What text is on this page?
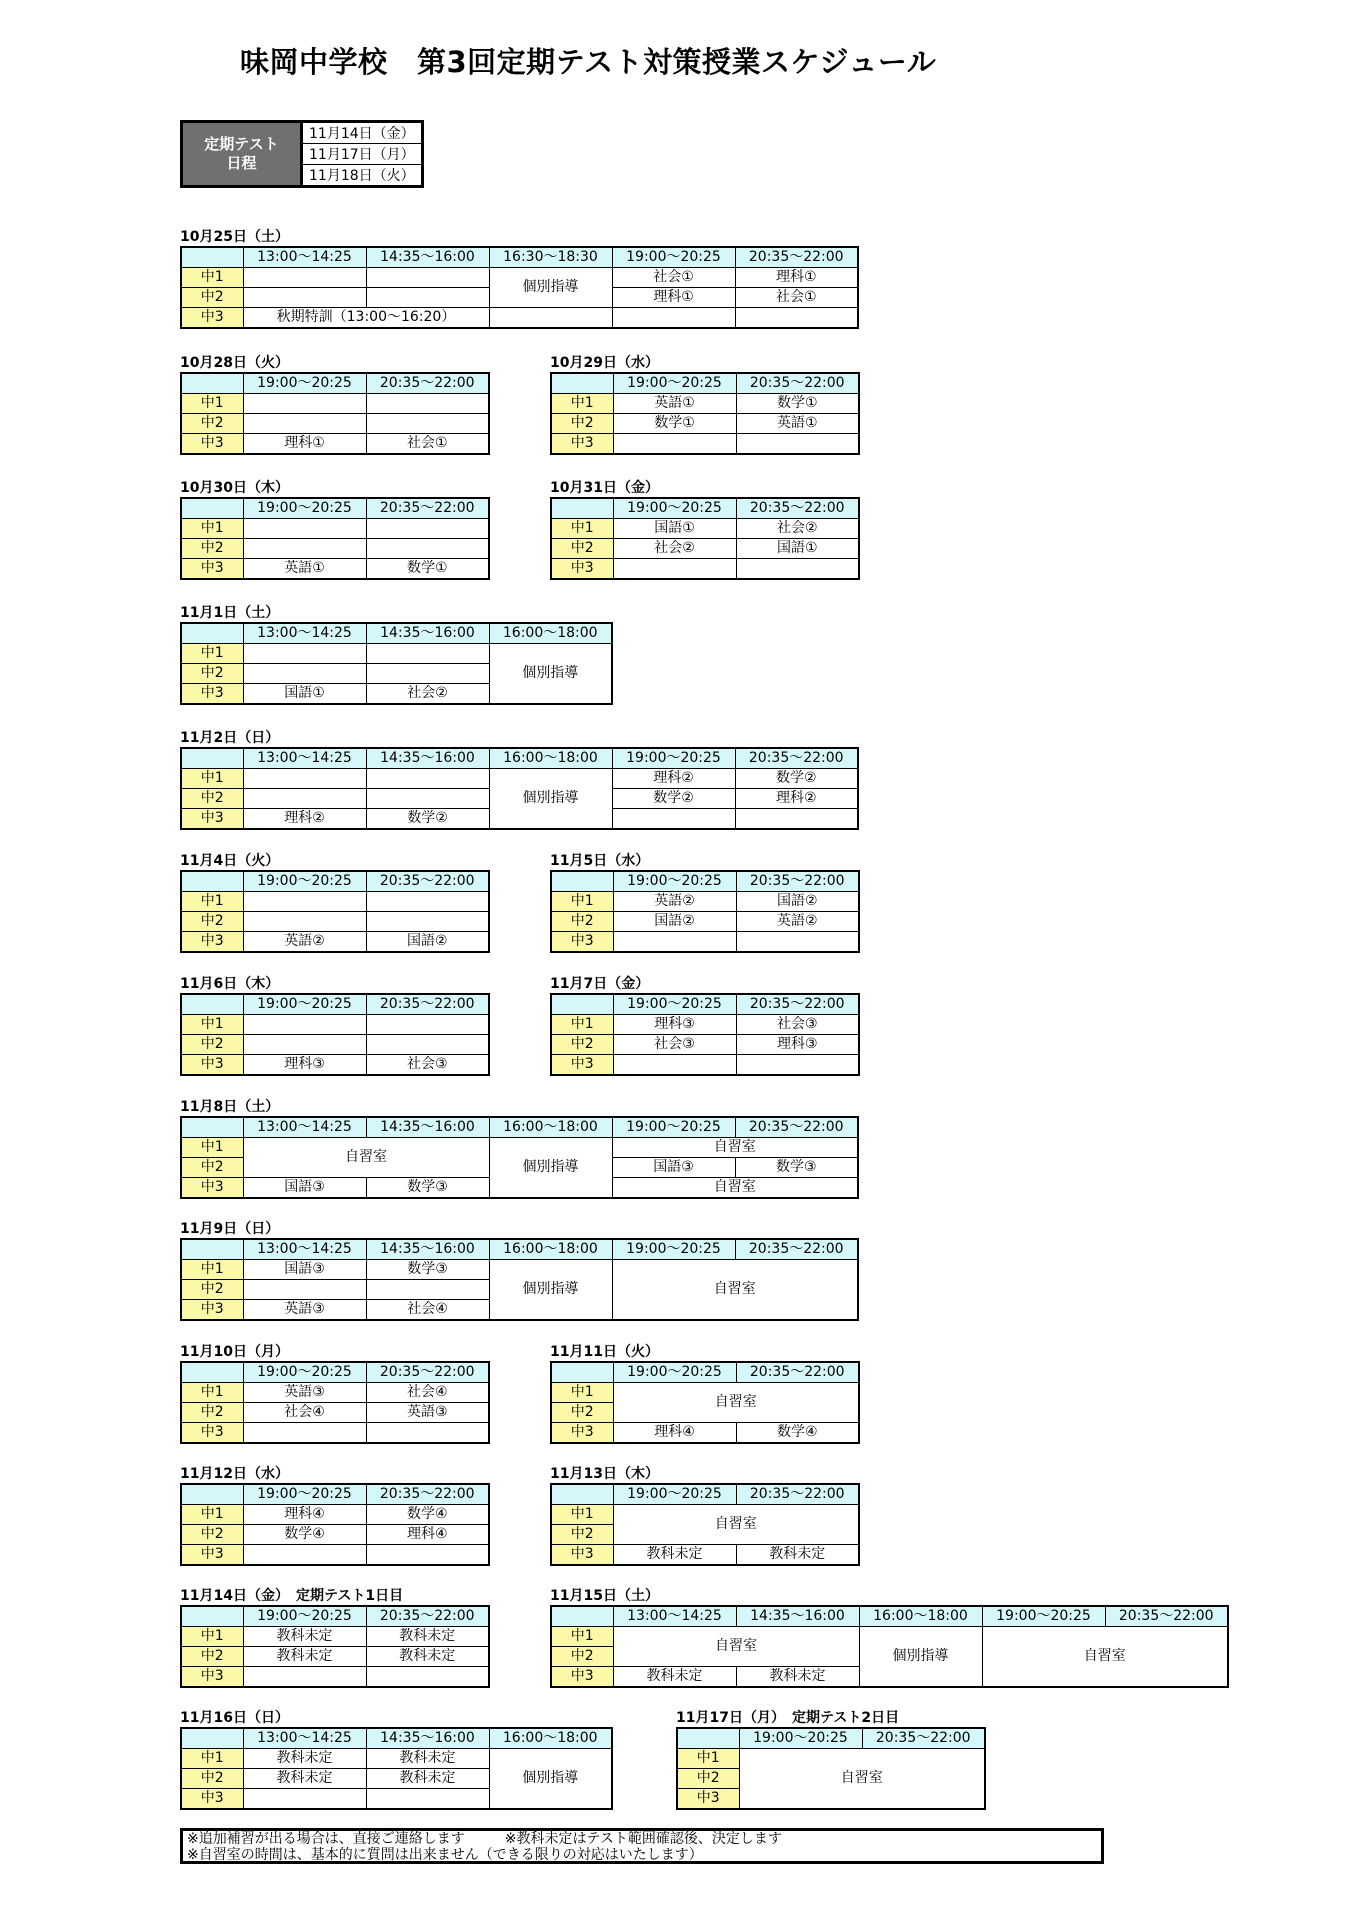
味岡中学校　第3回定期テスト対策授業スケジュール
定期テスト
日程
	11月14日（金）
11月17日（月）
11月18日（火）
10月25日（土）
	13:00～14:25	14:35～16:00	16:30～18:30	19:00～20:25	20:35～22:00
中1			個別指導	社会①	理科①
中2				理科①	社会①
中3	秋期特訓（13:00～16:20）				
10月28日（火）
	19:00～20:25	20:35～22:00
中1		
中2		
中3	理科①	社会①
10月29日（水）
	19:00～20:25	20:35～22:00
中1	英語①	数学①
中2	数学①	英語①
中3		
10月30日（木）
	19:00～20:25	20:35～22:00
中1		
中2		
中3	英語①	数学①
10月31日（金）
	19:00～20:25	20:35～22:00
中1	国語①	社会②
中2	社会②	国語①
中3		
11月1日（土）
	13:00～14:25	14:35～16:00	16:00～18:00
中1			個別指導
中2			
中3	国語①	社会②	
11月2日（日）
	13:00～14:25	14:35～16:00	16:00～18:00	19:00～20:25	20:35～22:00
中1			個別指導	理科②	数学②
中2				数学②	理科②
中3	理科②	数学②			
11月4日（火）
	19:00～20:25	20:35～22:00
中1		
中2		
中3	英語②	国語②
11月5日（水）
	19:00～20:25	20:35～22:00
中1	英語②	国語②
中2	国語②	英語②
中3		
11月6日（木）
	19:00～20:25	20:35～22:00
中1		
中2		
中3	理科③	社会③
11月7日（金）
	19:00～20:25	20:35～22:00
中1	理科③	社会③
中2	社会③	理科③
中3		
11月8日（土）
	13:00～14:25	14:35～16:00	16:00～18:00	19:00～20:25	20:35～22:00
中1	自習室		個別指導	自習室	
中2				国語③	数学③
中3	国語③	数学③		自習室	
11月9日（日）
	13:00～14:25	14:35～16:00	16:00～18:00	19:00～20:25	20:35～22:00
中1	国語③	数学③	個別指導	自習室	
中2					
中3	英語③	社会④			
11月10日（月）
	19:00～20:25	20:35～22:00
中1	英語③	社会④
中2	社会④	英語③
中3		
11月11日（火）
	19:00～20:25	20:35～22:00
中1	自習室	
中2		
中3	理科④	数学④
11月12日（水）
	19:00～20:25	20:35～22:00
中1	理科④	数学④
中2	数学④	理科④
中3		
11月13日（木）
	19:00～20:25	20:35～22:00
中1	自習室	
中2		
中3	教科未定	教科未定
11月14日（金）　定期テスト1日目
	19:00～20:25	20:35～22:00
中1	教科未定	教科未定
中2	教科未定	教科未定
中3		
11月15日（土）
	13:00～14:25	14:35～16:00	16:00～18:00	19:00～20:25	20:35～22:00
中1	自習室		個別指導	自習室	
中2					
中3	教科未定	教科未定			
11月16日（日）
	13:00～14:25	14:35～16:00	16:00～18:00
中1	教科未定	教科未定	個別指導
中2	教科未定	教科未定	
中3			
11月17日（月）　定期テスト2日目
	19:00～20:25	20:35～22:00
中1	自習室	
中2		
中3		
※追加補習が出る場合は、直接ご連絡します	※教科未定はテスト範囲確認後、決定します
※自習室の時間は、基本的に質問は出来ません（できる限りの対応はいたします）
